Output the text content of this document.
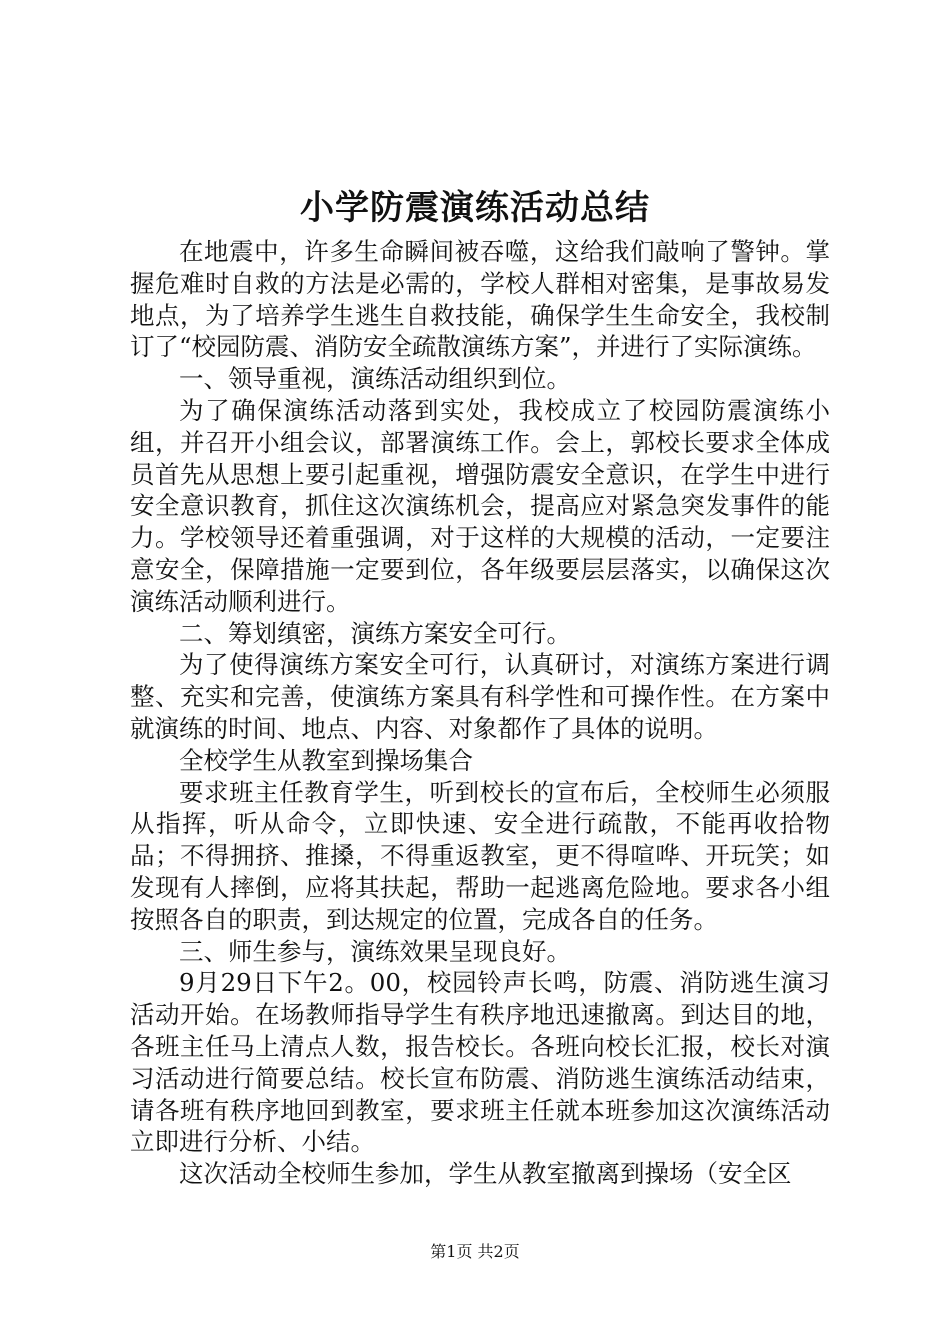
小学防震演练活动总结

在地震中，许多生命瞬间被吞噬，这给我们敲响了警钟。掌握危难时自救的方法是必需的，学校人群相对密集，是事故易发地点，为了培养学生逃生自救技能，确保学生生命安全，我校制订了“校园防震、消防安全疏散演练方案”，并进行了实际演练。

一、领导重视，演练活动组织到位。

为了确保演练活动落到实处，我校成立了校园防震演练小组，并召开小组会议，部署演练工作。会上，郭校长要求全体成员首先从思想上要引起重视，增强防震安全意识，在学生中进行安全意识教育，抓住这次演练机会，提高应对紧急突发事件的能力。学校领导还着重强调，对于这样的大规模的活动，一定要注意安全，保障措施一定要到位，各年级要层层落实，以确保这次演练活动顺利进行。

二、筹划缜密，演练方案安全可行。

为了使得演练方案安全可行，认真研讨，对演练方案进行调整、充实和完善，使演练方案具有科学性和可操作性。在方案中就演练的时间、地点、内容、对象都作了具体的说明。

全校学生从教室到操场集合

要求班主任教育学生，听到校长的宣布后，全校师生必须服从指挥，听从命令，立即快速、安全进行疏散，不能再收拾物品；不得拥挤、推搡，不得重返教室，更不得喧哗、开玩笑；如发现有人摔倒，应将其扶起，帮助一起逃离危险地。要求各小组按照各自的职责，到达规定的位置，完成各自的任务。

三、师生参与，演练效果呈现良好。

9月29日下午2。00，校园铃声长鸣，防震、消防逃生演习活动开始。在场教师指导学生有秩序地迅速撤离。到达目的地，各班主任马上清点人数，报告校长。各班向校长汇报，校长对演习活动进行简要总结。校长宣布防震、消防逃生演练活动结束，请各班有秩序地回到教室，要求班主任就本班参加这次演练活动立即进行分析、小结。

这次活动全校师生参加，学生从教室撤离到操场（安全区

第1页 共2页
